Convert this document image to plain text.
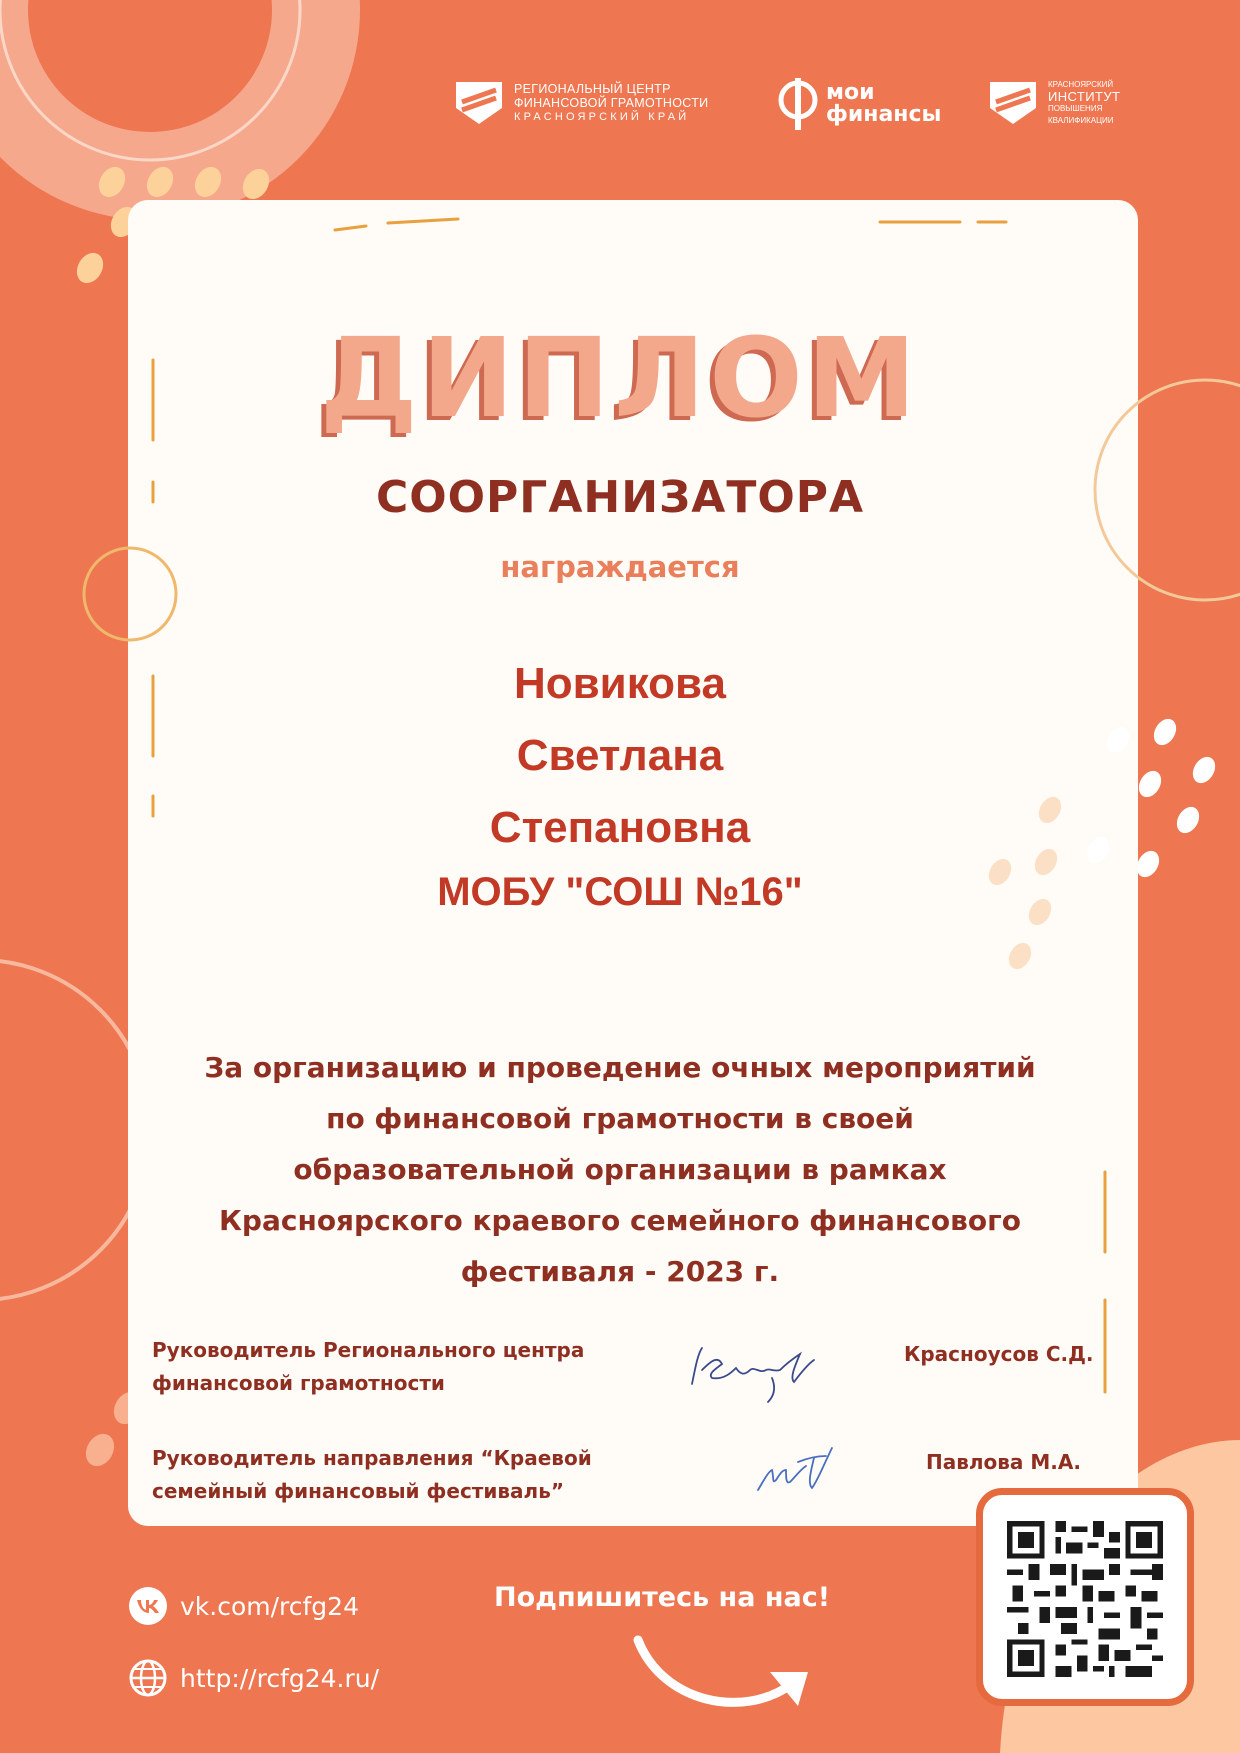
РЕГИОНАЛЬНЫЙ ЦЕНТР
ФИНАНСОВОЙ ГРАМОТНОСТИ
КРАСНОЯРСКИЙ КРАЙ
мои
финансы
КРАСНОЯРСКИЙ
ИНСТИТУТ
ПОВЫШЕНИЯ
КВАЛИФИКАЦИИ
ДИПЛОМ
СООРГАНИЗАТОРА
награждается
Новикова
Светлана
Степановна
МОБУ "СОШ №16"
За организацию и проведение очных мероприятий
по финансовой грамотности в своей
образовательной организации в рамках
Красноярского краевого семейного финансового
фестиваля - 2023 г.
Руководитель Регионального центра
финансовой грамотности
Красноусов С.Д.
Руководитель направления “Краевой
семейный финансовый фестиваль”
Павлова М.А.
vk.com/rcfg24
http://rcfg24.ru/
Подпишитесь на нас!
